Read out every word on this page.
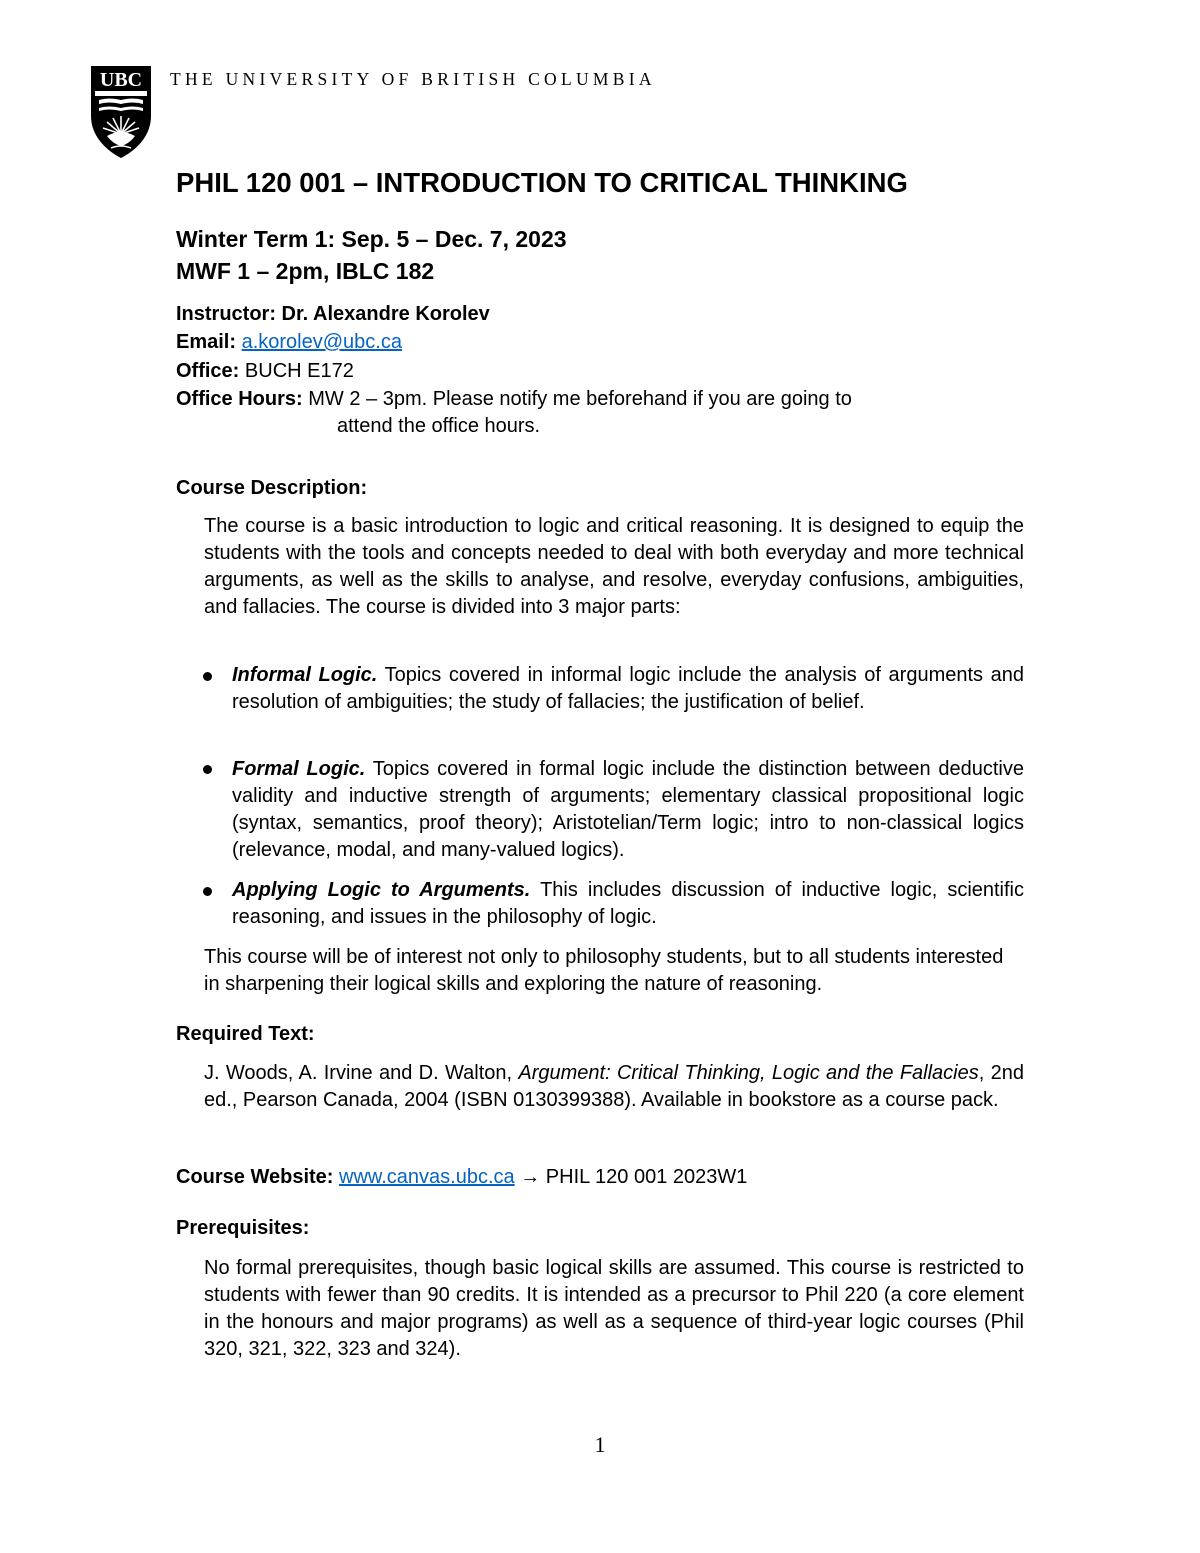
UBC THE UNIVERSITY OF BRITISH COLUMBIA
PHIL 120 001 – INTRODUCTION TO CRITICAL THINKING
Winter Term 1: Sep. 5 – Dec. 7, 2023
MWF 1 – 2pm, IBLC 182
Instructor: Dr. Alexandre Korolev
Email: a.korolev@ubc.ca
Office: BUCH E172
Office Hours: MW 2 – 3pm. Please notify me beforehand if you are going to
attend the office hours.
Course Description:
The course is a basic introduction to logic and critical reasoning. It is designed to equip the students with the tools and concepts needed to deal with both everyday and more technical arguments, as well as the skills to analyse, and resolve, everyday confusions, ambiguities, and fallacies. The course is divided into 3 major parts:
Informal Logic. Topics covered in informal logic include the analysis of arguments and resolution of ambiguities; the study of fallacies; the justification of belief.
Formal Logic. Topics covered in formal logic include the distinction between deductive validity and inductive strength of arguments; elementary classical propositional logic (syntax, semantics, proof theory); Aristotelian/Term logic; intro to non-classical logics (relevance, modal, and many-valued logics).
Applying Logic to Arguments. This includes discussion of inductive logic, scientific reasoning, and issues in the philosophy of logic.
This course will be of interest not only to philosophy students, but to all students interested in sharpening their logical skills and exploring the nature of reasoning.
Required Text:
J. Woods, A. Irvine and D. Walton, Argument: Critical Thinking, Logic and the Fallacies, 2nd ed., Pearson Canada, 2004 (ISBN 0130399388). Available in bookstore as a course pack.
Course Website: www.canvas.ubc.ca → PHIL 120 001 2023W1
Prerequisites:
No formal prerequisites, though basic logical skills are assumed. This course is restricted to students with fewer than 90 credits. It is intended as a precursor to Phil 220 (a core element in the honours and major programs) as well as a sequence of third-year logic courses (Phil 320, 321, 322, 323 and 324).
1
